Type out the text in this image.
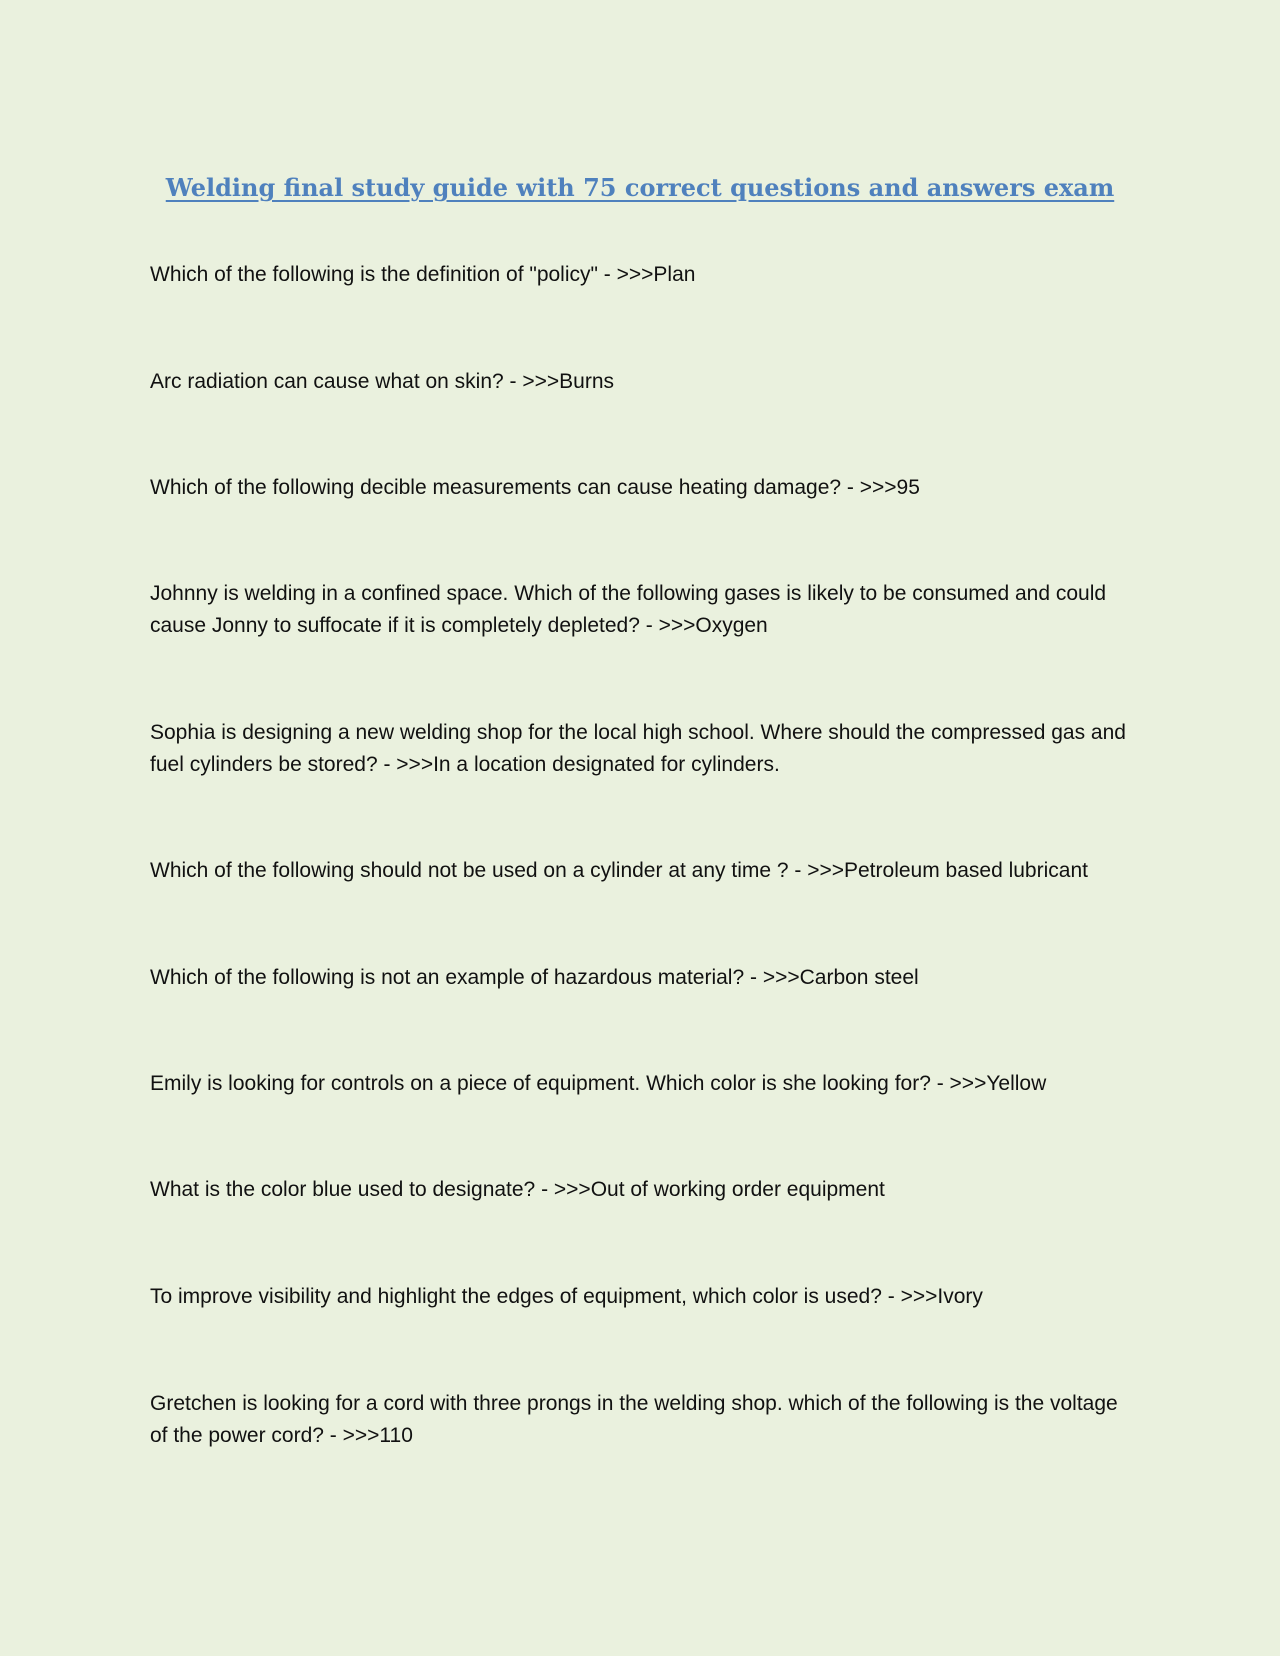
Welding final study guide with 75 correct questions and answers exam

Which of the following is the definition of "policy" - >>>Plan

Arc radiation can cause what on skin? - >>>Burns

Which of the following decible measurements can cause heating damage? - >>>95

Johnny is welding in a confined space. Which of the following gases is likely to be consumed and could cause Jonny to suffocate if it is completely depleted? - >>>Oxygen

Sophia is designing a new welding shop for the local high school. Where should the compressed gas and fuel cylinders be stored? - >>>In a location designated for cylinders.

Which of the following should not be used on a cylinder at any time ? - >>>Petroleum based lubricant

Which of the following is not an example of hazardous material? - >>>Carbon steel

Emily is looking for controls on a piece of equipment. Which color is she looking for? - >>>Yellow

What is the color blue used to designate? - >>>Out of working order equipment

To improve visibility and highlight the edges of equipment, which color is used? - >>>Ivory

Gretchen is looking for a cord with three prongs in the welding shop. which of the following is the voltage of the power cord? - >>>110
